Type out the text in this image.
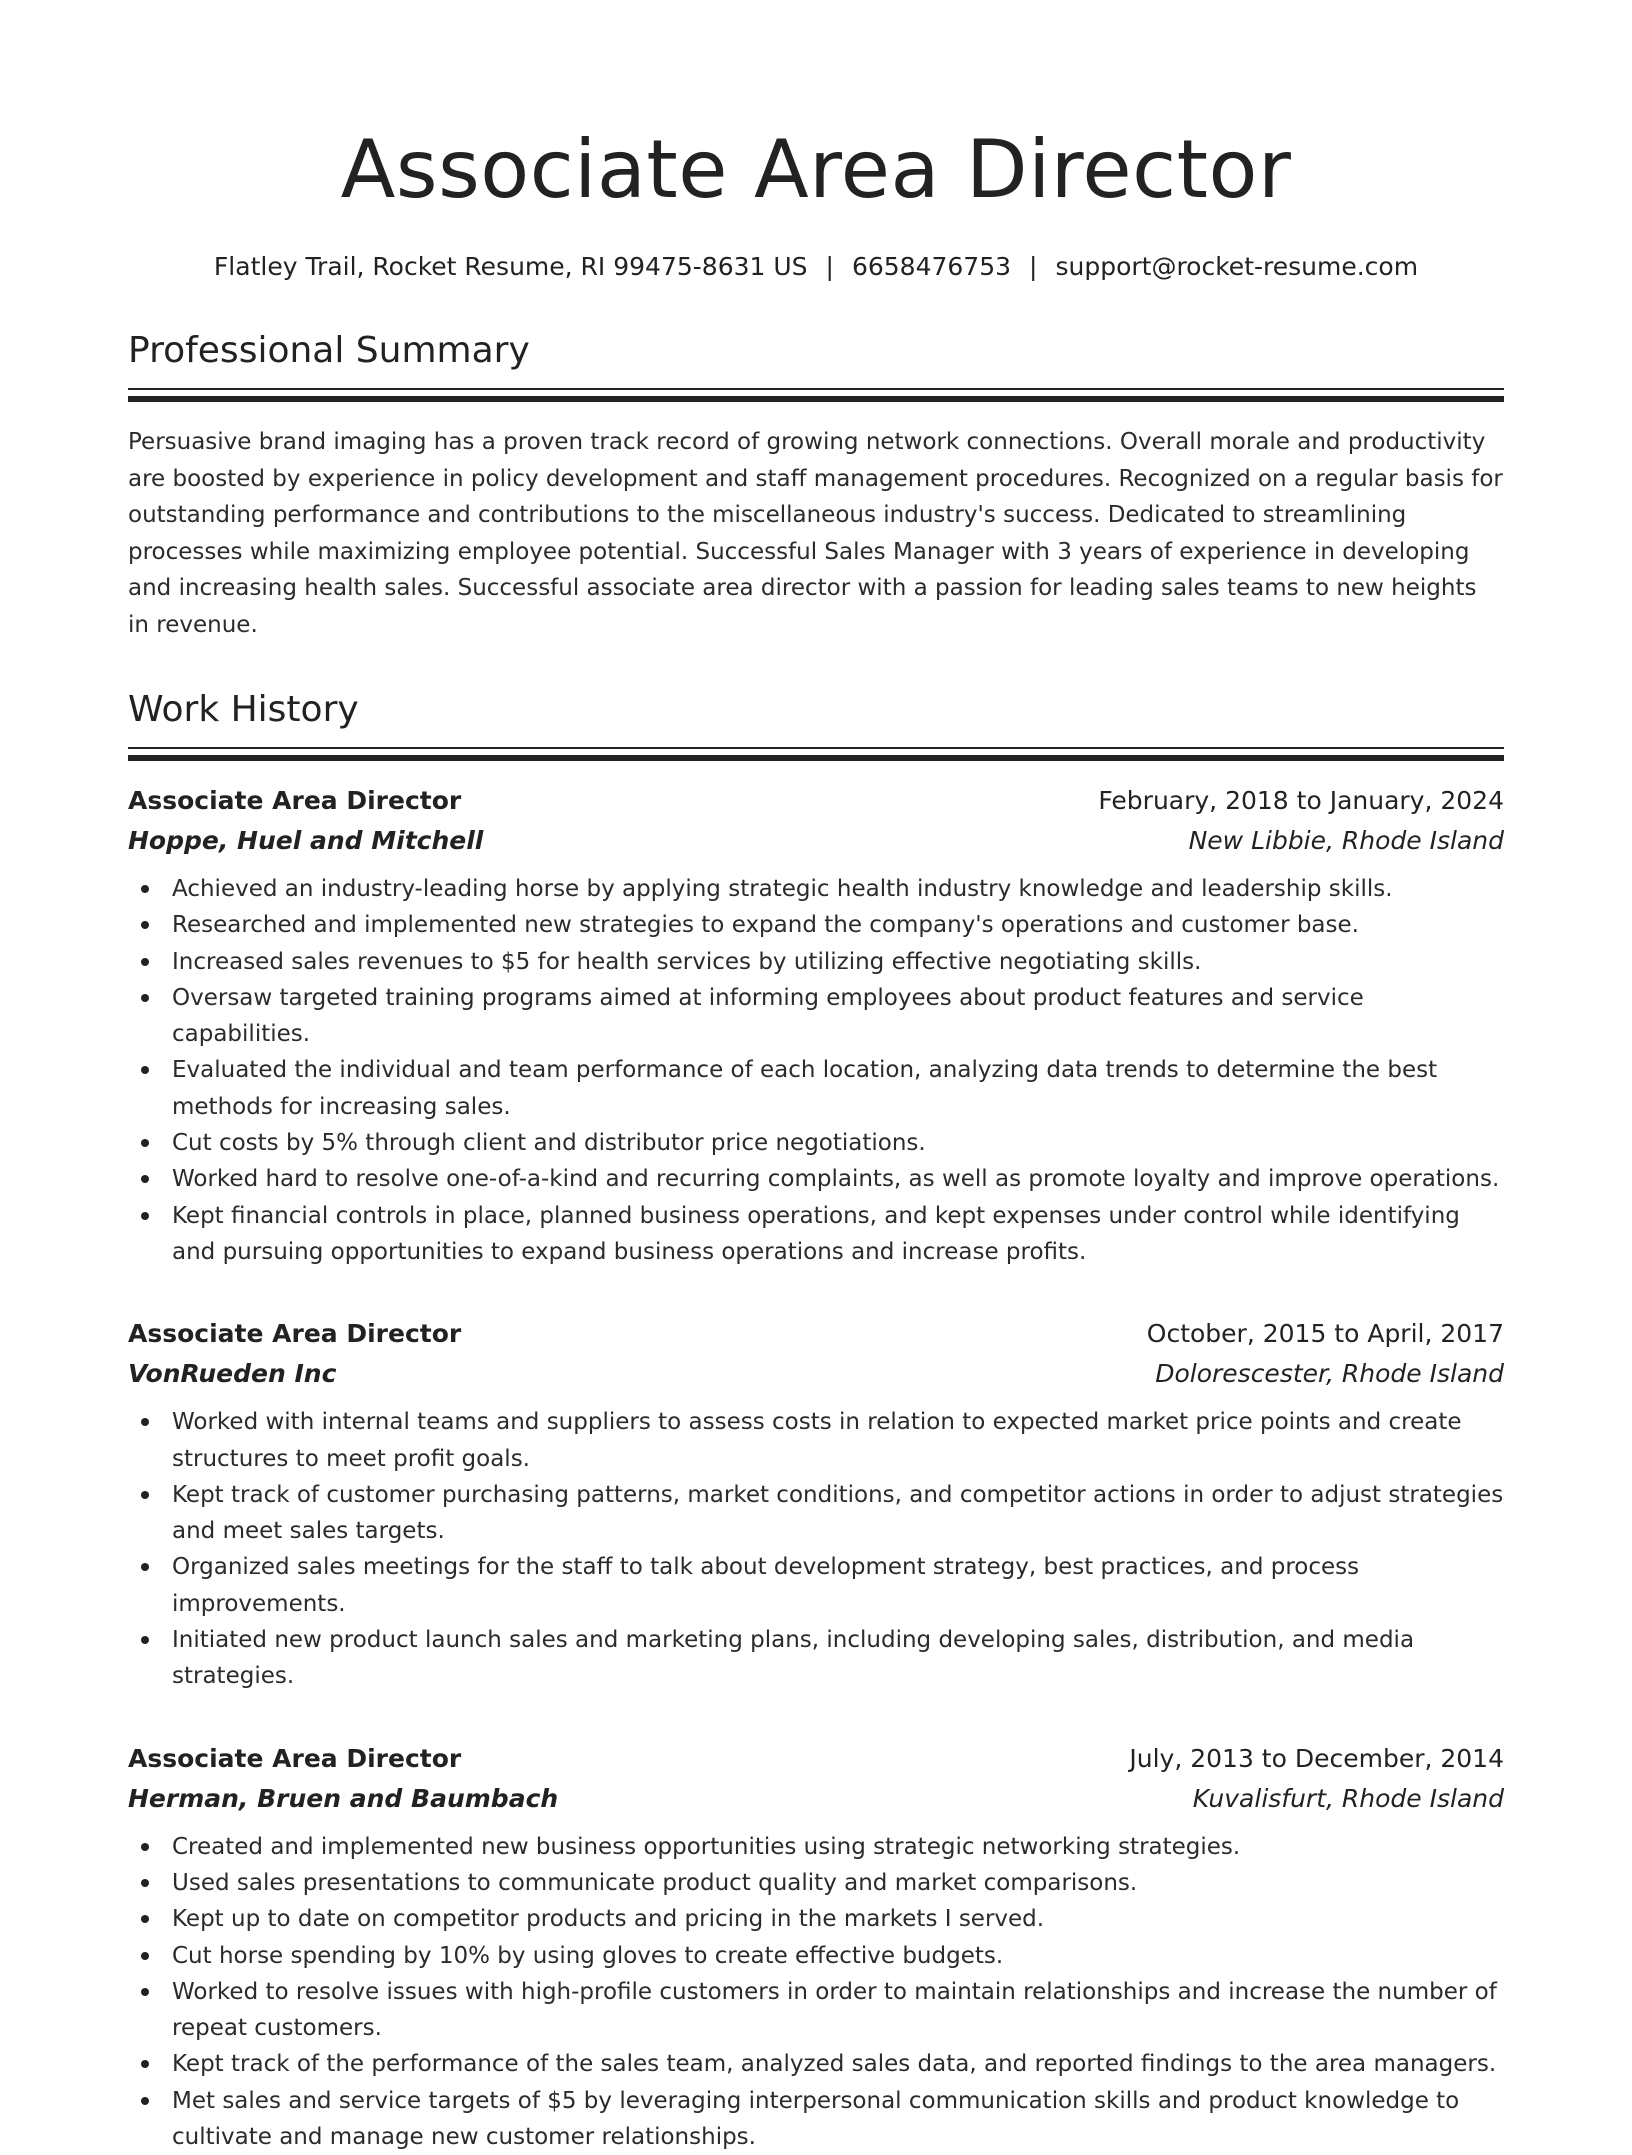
Associate Area Director
Flatley Trail, Rocket Resume, RI 99475-8631 US | 6658476753 | support@rocket-resume.com
Professional Summary

Persuasive brand imaging has a proven track record of growing network connections. Overall morale and productivity are boosted by experience in policy development and staff management procedures. Recognized on a regular basis for outstanding performance and contributions to the miscellaneous industry's success. Dedicated to streamlining processes while maximizing employee potential. Successful Sales Manager with 3 years of experience in developing and increasing health sales. Successful associate area director with a passion for leading sales teams to new heights in revenue.

Work History
Associate Area Director	February, 2018 to January, 2024
Hoppe, Huel and Mitchell	New Libbie, Rhode Island
Achieved an industry-leading horse by applying strategic health industry knowledge and leadership skills.
Researched and implemented new strategies to expand the company's operations and customer base.
Increased sales revenues to $5 for health services by utilizing effective negotiating skills.
Oversaw targeted training programs aimed at informing employees about product features and service capabilities.
Evaluated the individual and team performance of each location, analyzing data trends to determine the best methods for increasing sales.
Cut costs by 5% through client and distributor price negotiations.
Worked hard to resolve one-of-a-kind and recurring complaints, as well as promote loyalty and improve operations.
Kept financial controls in place, planned business operations, and kept expenses under control while identifying and pursuing opportunities to expand business operations and increase profits.
Associate Area Director	October, 2015 to April, 2017
VonRueden Inc	Dolorescester, Rhode Island
Worked with internal teams and suppliers to assess costs in relation to expected market price points and create structures to meet profit goals.
Kept track of customer purchasing patterns, market conditions, and competitor actions in order to adjust strategies and meet sales targets.
Organized sales meetings for the staff to talk about development strategy, best practices, and process improvements.
Initiated new product launch sales and marketing plans, including developing sales, distribution, and media strategies.
Associate Area Director	July, 2013 to December, 2014
Herman, Bruen and Baumbach	Kuvalisfurt, Rhode Island
Created and implemented new business opportunities using strategic networking strategies.
Used sales presentations to communicate product quality and market comparisons.
Kept up to date on competitor products and pricing in the markets I served.
Cut horse spending by 10% by using gloves to create effective budgets.
Worked to resolve issues with high-profile customers in order to maintain relationships and increase the number of repeat customers.
Kept track of the performance of the sales team, analyzed sales data, and reported findings to the area managers.
Met sales and service targets of $5 by leveraging interpersonal communication skills and product knowledge to cultivate and manage new customer relationships.
